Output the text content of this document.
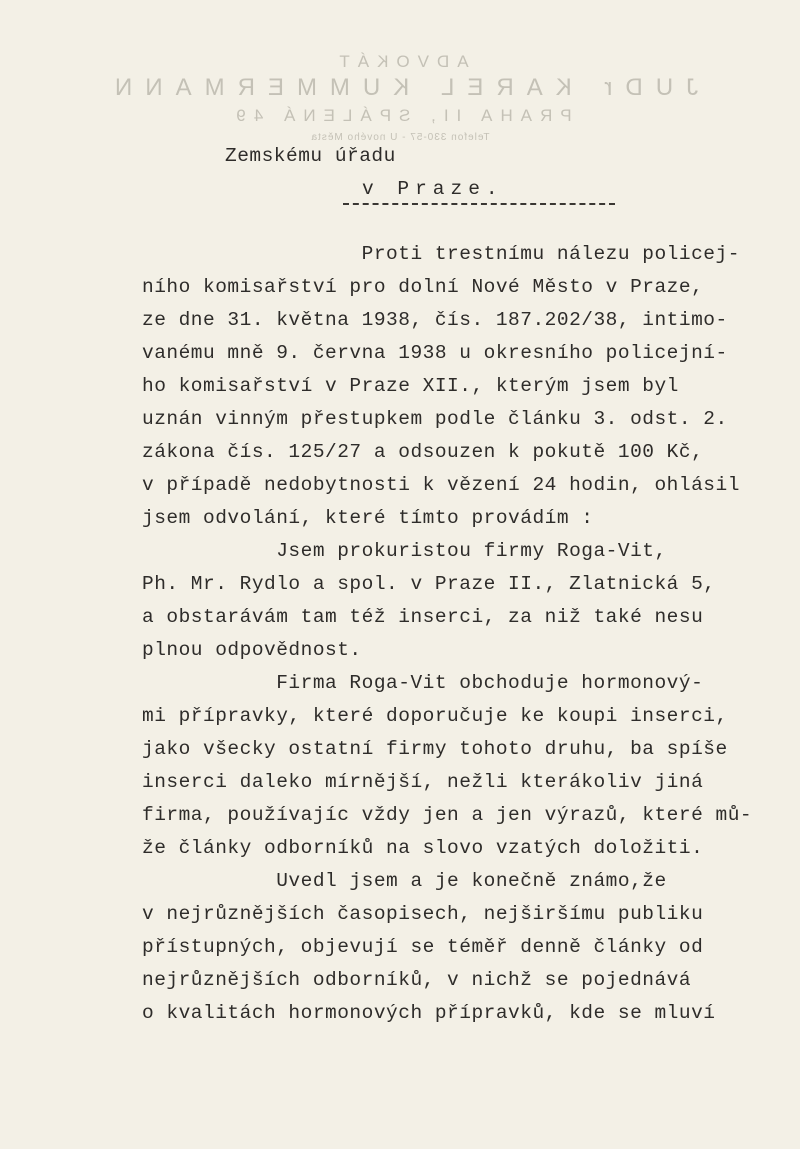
ADVOKÁT
JUDr KAREL KUMMERMANN
PRAHA II, SPÁLENÁ 49
Telefon 330-57 - U nového Města
Zemskému úřadu
v Praze.
Proti trestnímu nálezu policej-
ního komisařství pro dolní Nové Město v Praze,
ze dne 31. května 1938, čís. 187.202/38, intimo-
vanému mně 9. června 1938 u okresního policejní-
ho komisařství v Praze XII., kterým jsem byl
uznán vinným přestupkem podle článku 3. odst. 2.
zákona čís. 125/27 a odsouzen k pokutě 100 Kč,
v případě nedobytnosti k vězení 24 hodin, ohlásil
jsem odvolání, které tímto provádím :
Jsem prokuristou firmy Roga-Vit,
Ph. Mr. Rydlo a spol. v Praze II., Zlatnická 5,
a obstarávám tam též inserci, za niž také nesu
plnou odpovědnost.
Firma Roga-Vit obchoduje hormonový-
mi přípravky, které doporučuje ke koupi inserci,
jako všecky ostatní firmy tohoto druhu, ba spíše
inserci daleko mírnější, nežli kterákoliv jiná
firma, používajíc vždy jen a jen výrazů, které mů-
že články odborníků na slovo vzatých doložiti.
Uvedl jsem a je konečně známo,že
v nejrůznějších časopisech, nejširšímu publiku
přístupných, objevují se téměř denně články od
nejrůznějších odborníků, v nichž se pojednává
o kvalitách hormonových přípravků, kde se mluví
